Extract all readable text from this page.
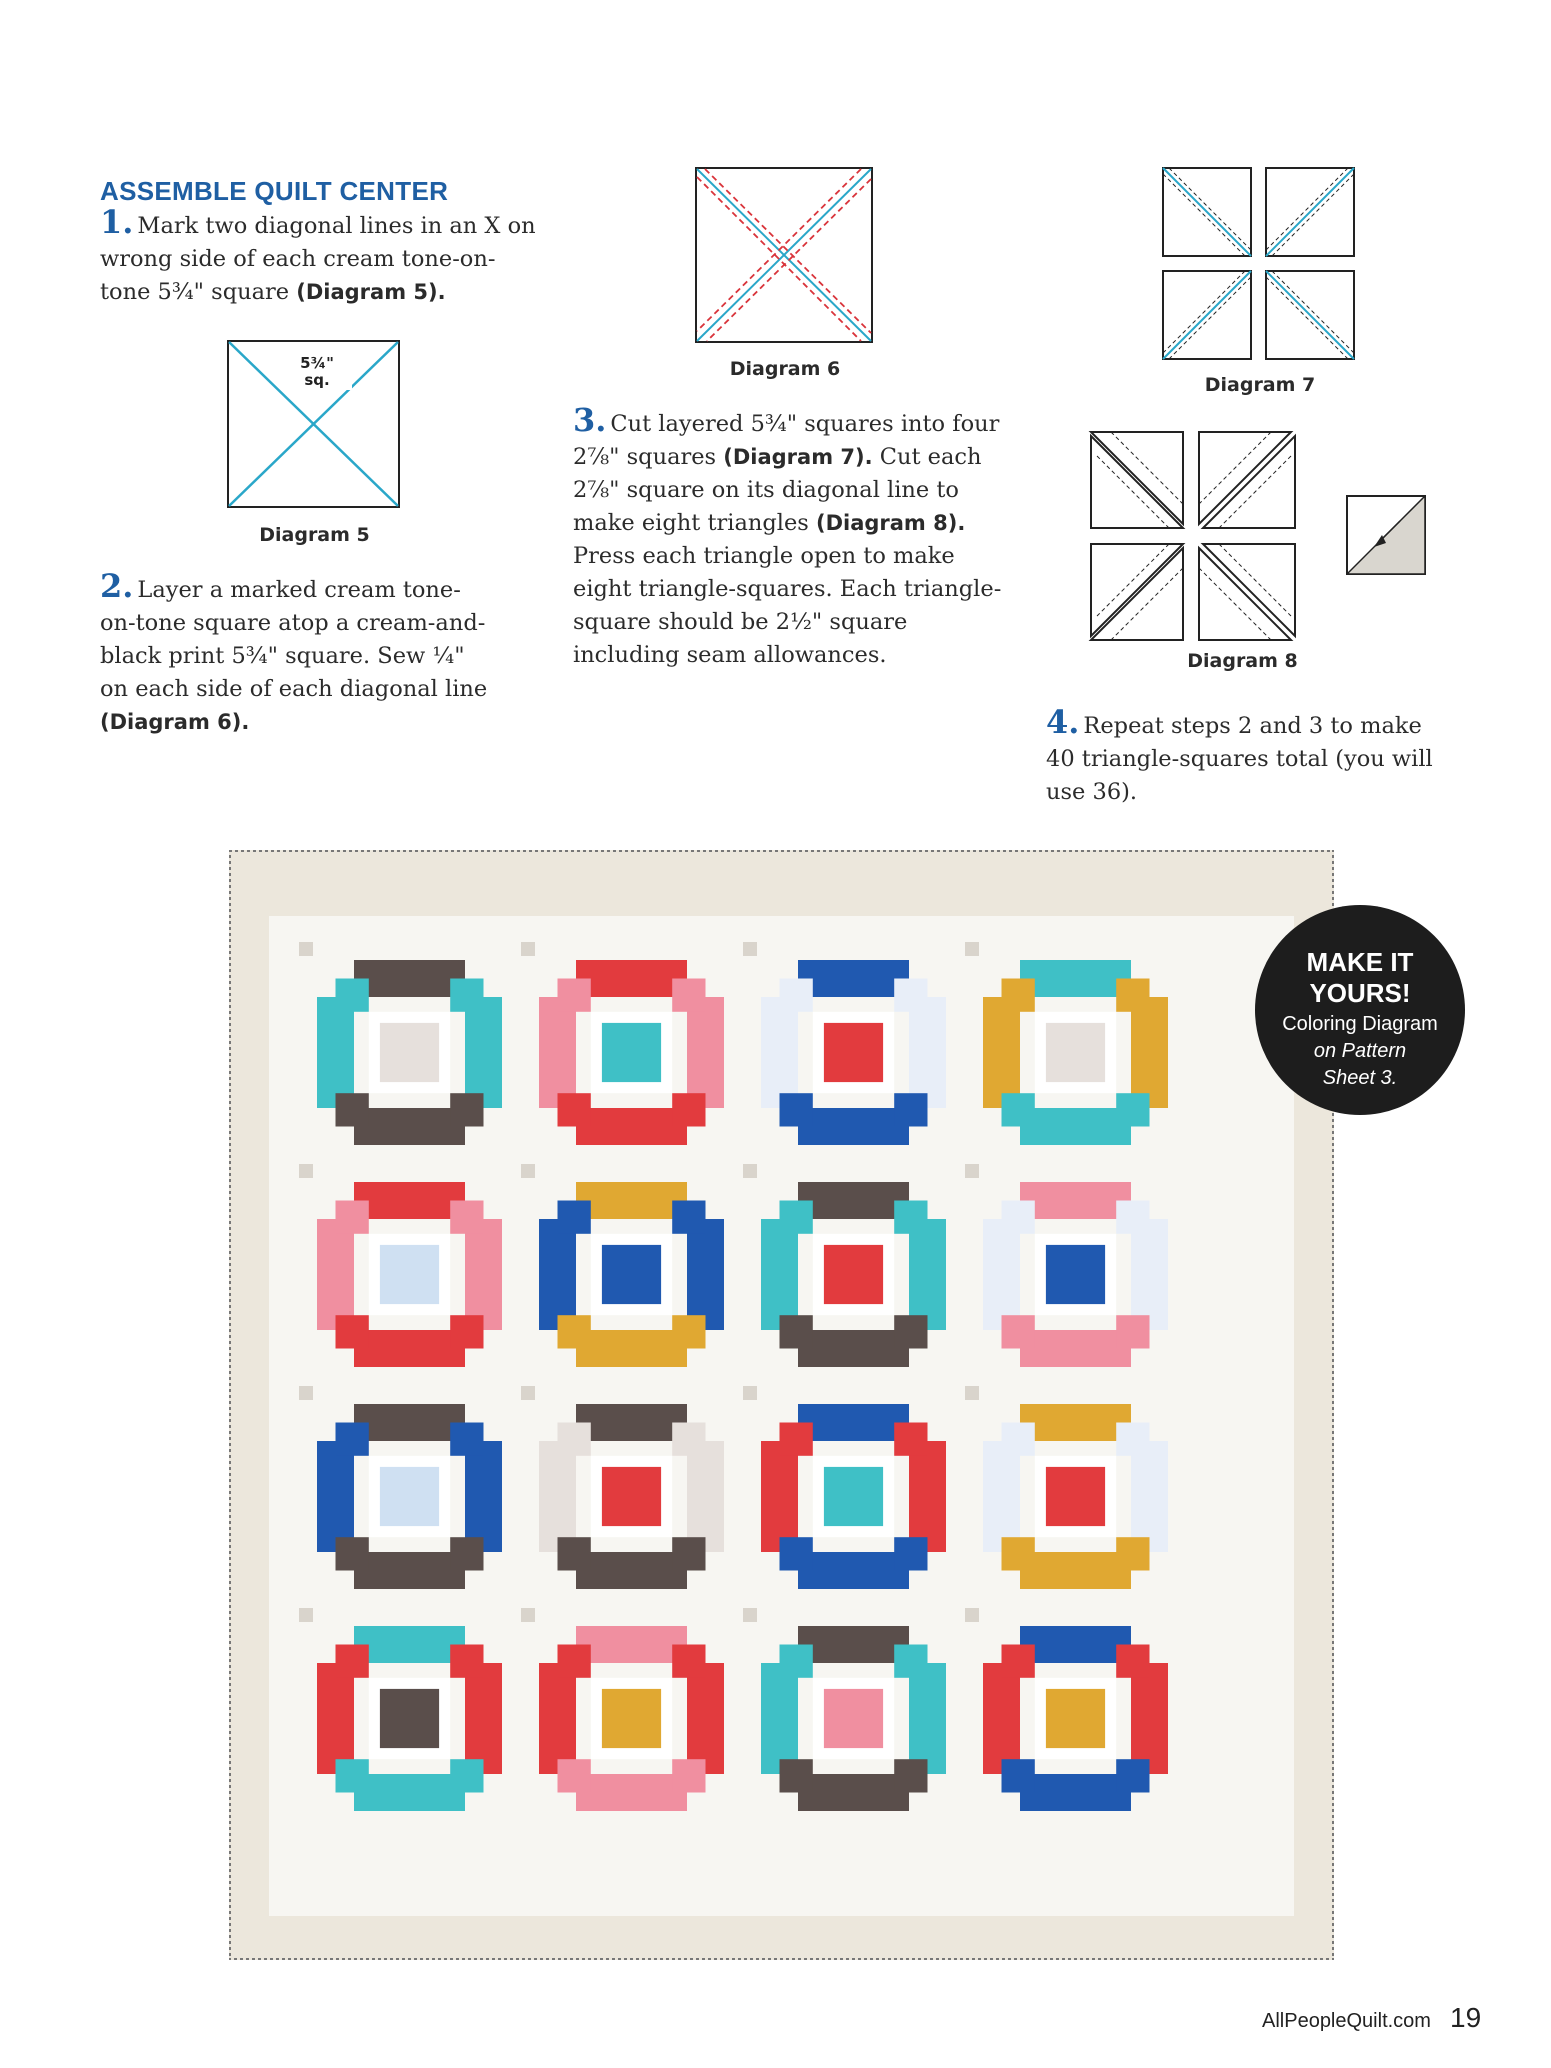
ASSEMBLE QUILT CENTER
1. Mark two diagonal lines in an X on
wrong side of each cream tone-on-
tone 5¾" square (Diagram 5).
5¾"
sq.
Diagram 5
2. Layer a marked cream tone-
on-tone square atop a cream-and-
black print 5¾" square. Sew ¼"
on each side of each diagonal line
(Diagram 6).
Diagram 6
3. Cut layered 5¾" squares into four
2⅞" squares (Diagram 7). Cut each
2⅞" square on its diagonal line to
make eight triangles (Diagram 8).
Press each triangle open to make
eight triangle-squares. Each triangle-
square should be 2½" square
including seam allowances.
Diagram 7
Diagram 8
4. Repeat steps 2 and 3 to make
40 triangle-squares total (you will
use 36).
MAKE IT
YOURS!
Coloring Diagram
on Pattern
Sheet 3.
AllPeopleQuilt.com 19
